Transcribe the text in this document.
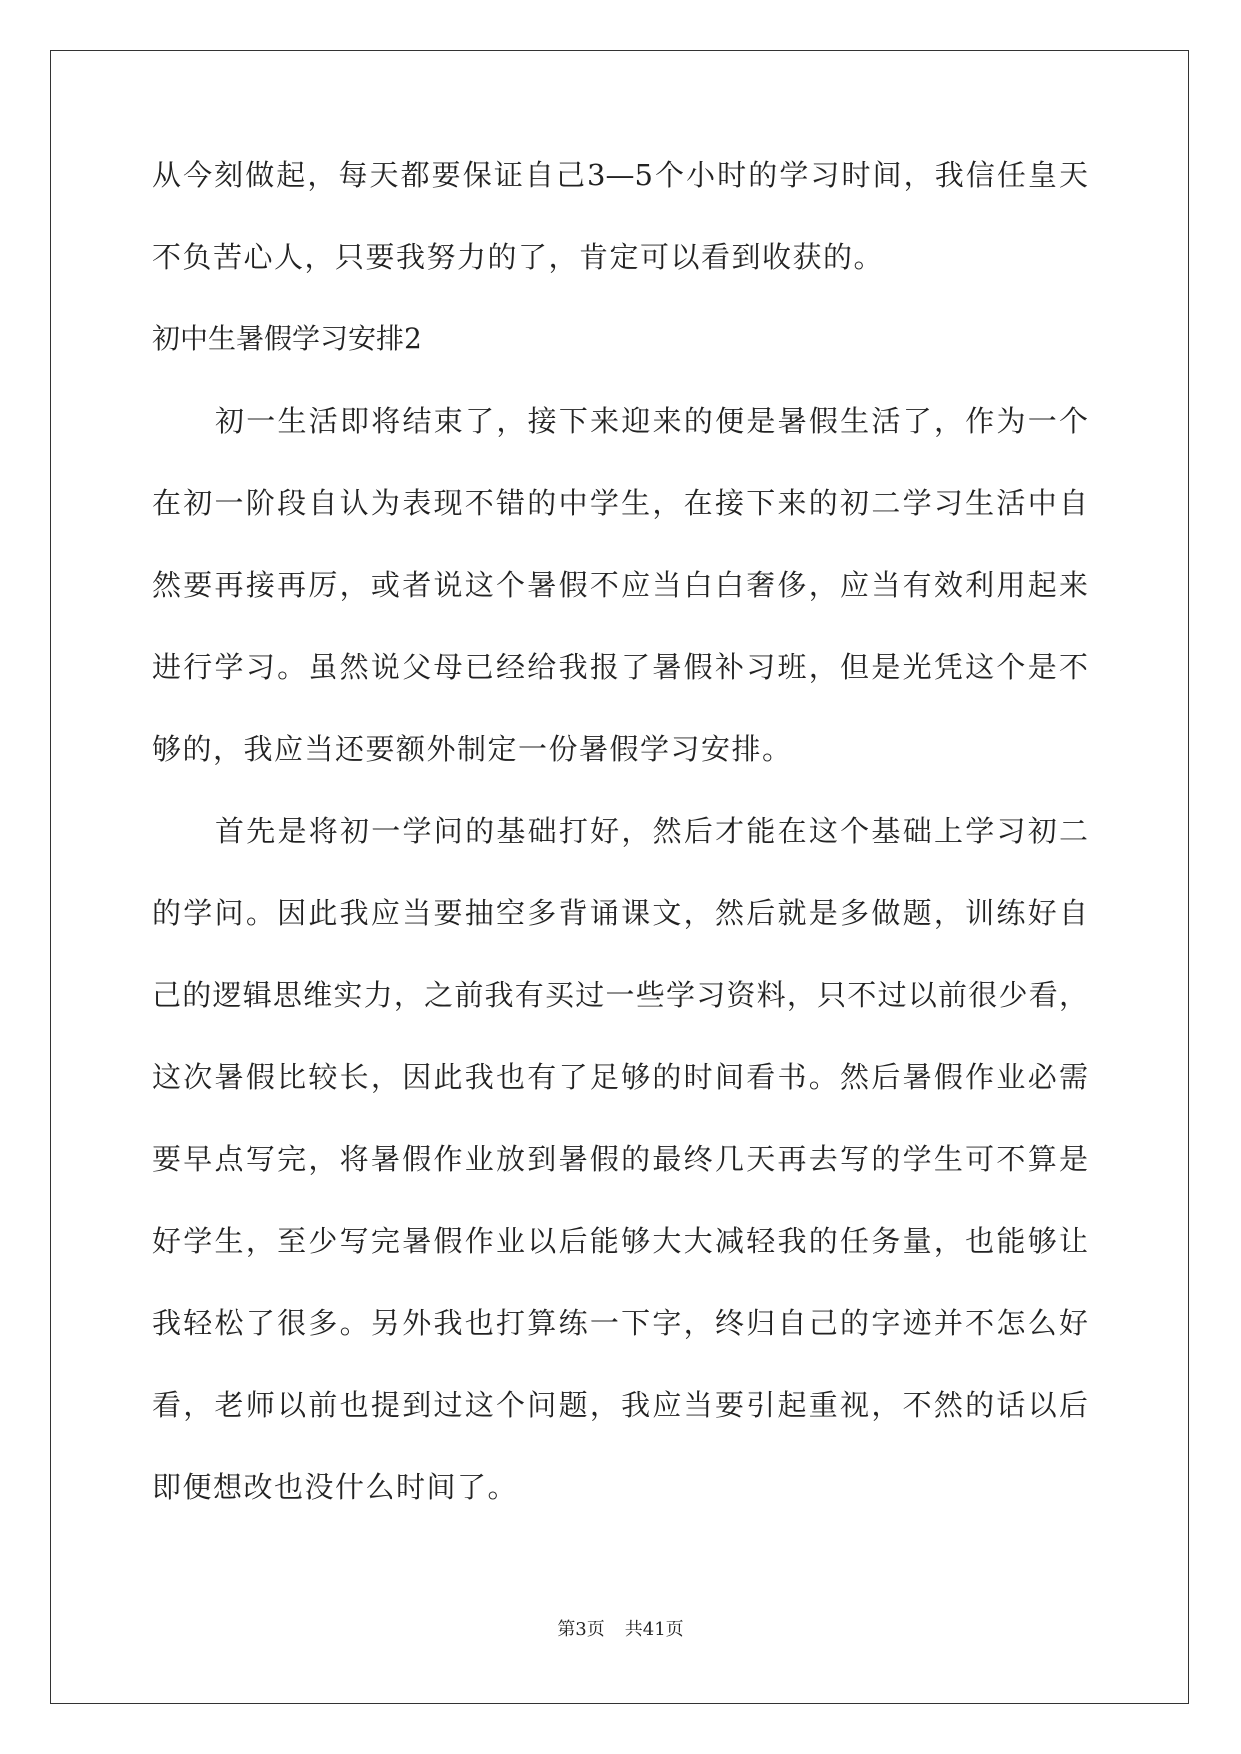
从今刻做起，每天都要保证自己3—5个小时的学习时间，我信任皇天
不负苦心人，只要我努力的了，肯定可以看到收获的。
初中生暑假学习安排2
初一生活即将结束了，接下来迎来的便是暑假生活了，作为一个
在初一阶段自认为表现不错的中学生，在接下来的初二学习生活中自
然要再接再厉，或者说这个暑假不应当白白奢侈，应当有效利用起来
进行学习。虽然说父母已经给我报了暑假补习班，但是光凭这个是不
够的，我应当还要额外制定一份暑假学习安排。
首先是将初一学问的基础打好，然后才能在这个基础上学习初二
的学问。因此我应当要抽空多背诵课文，然后就是多做题，训练好自
己的逻辑思维实力，之前我有买过一些学习资料，只不过以前很少看，
这次暑假比较长，因此我也有了足够的时间看书。然后暑假作业必需
要早点写完，将暑假作业放到暑假的最终几天再去写的学生可不算是
好学生，至少写完暑假作业以后能够大大减轻我的任务量，也能够让
我轻松了很多。另外我也打算练一下字，终归自己的字迹并不怎么好
看，老师以前也提到过这个问题，我应当要引起重视，不然的话以后
即便想改也没什么时间了。
第3页 共41页
